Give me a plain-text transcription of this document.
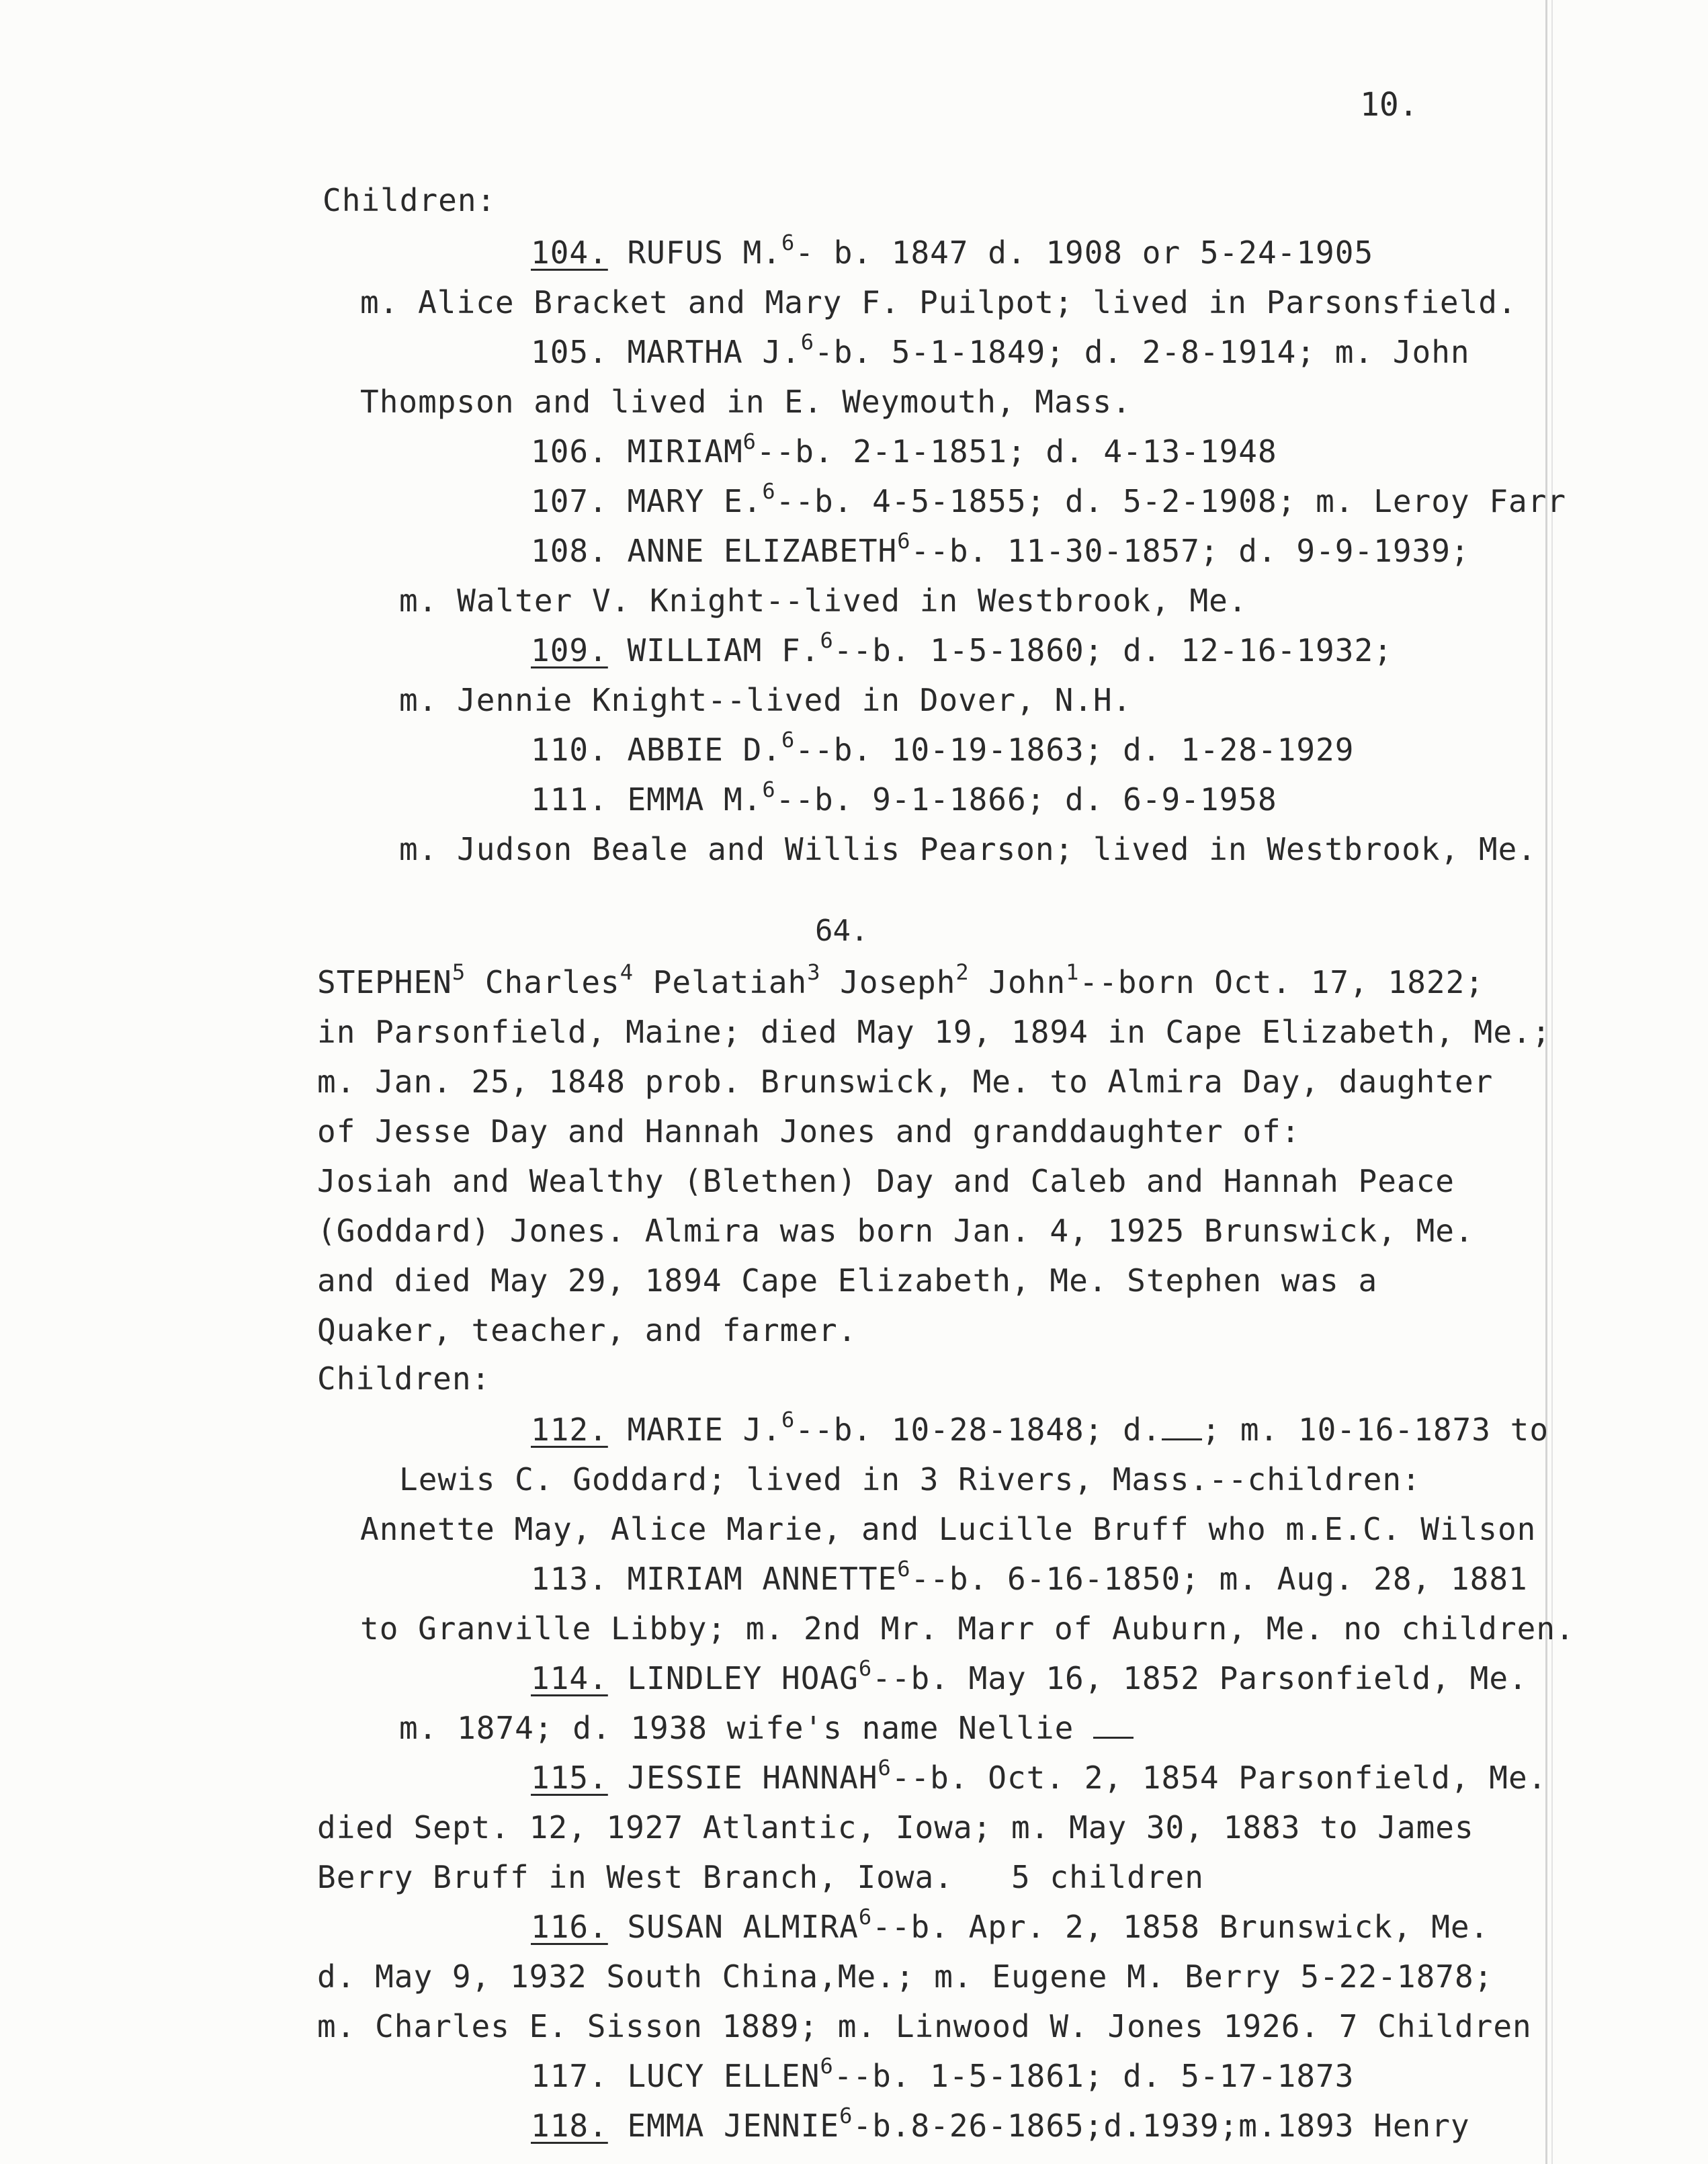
10.
Children:
104. RUFUS M.$^6$- b. 1847 d. 1908 or 5-24-1905
m. Alice Bracket and Mary F. Puilpot; lived in Parsonsfield.
105. MARTHA J.$^6$-b. 5-1-1849; d. 2-8-1914; m. John
Thompson and lived in E. Weymouth, Mass.
106. MIRIAM$^6$--b. 2-1-1851; d. 4-13-1948
107. MARY E.$^6$--b. 4-5-1855; d. 5-2-1908; m. Leroy Farr
108. ANNE ELIZABETH$^6$--b. 11-30-1857; d. 9-9-1939;
m. Walter V. Knight--lived in Westbrook, Me.
109. WILLIAM F.$^6$--b. 1-5-1860; d. 12-16-1932;
m. Jennie Knight--lived in Dover, N.H.
110. ABBIE D.$^6$--b. 10-19-1863; d. 1-28-1929
111. EMMA M.$^6$--b. 9-1-1866; d. 6-9-1958
m. Judson Beale and Willis Pearson; lived in Westbrook, Me.
64.
STEPHEN$^5$ Charles$^4$ Pelatiah$^3$ Joseph$^2$ John$^1$--born Oct. 17, 1822;
in Parsonfield, Maine; died May 19, 1894 in Cape Elizabeth, Me.;
m. Jan. 25, 1848 prob. Brunswick, Me. to Almira Day, daughter
of Jesse Day and Hannah Jones and granddaughter of:
Josiah and Wealthy (Blethen) Day and Caleb and Hannah Peace
(Goddard) Jones. Almira was born Jan. 4, 1925 Brunswick, Me.
and died May 29, 1894 Cape Elizabeth, Me. Stephen was a
Quaker, teacher, and farmer.
Children:
112. MARIE J.$^6$--b. 10-28-1848; d. ; m. 10-16-1873 to
Lewis C. Goddard; lived in 3 Rivers, Mass.--children:
Annette May, Alice Marie, and Lucille Bruff who m.E.C. Wilson
113. MIRIAM ANNETTE$^6$--b. 6-16-1850; m. Aug. 28, 1881
to Granville Libby; m. 2nd Mr. Marr of Auburn, Me. no children.
114. LINDLEY HOAG$^6$--b. May 16, 1852 Parsonfield, Me.
m. 1874; d. 1938 wife's name Nellie
115. JESSIE HANNAH$^6$--b. Oct. 2, 1854 Parsonfield, Me.
died Sept. 12, 1927 Atlantic, Iowa; m. May 30, 1883 to James
Berry Bruff in West Branch, Iowa.   5 children
116. SUSAN ALMIRA$^6$--b. Apr. 2, 1858 Brunswick, Me.
d. May 9, 1932 South China,Me.; m. Eugene M. Berry 5-22-1878;
m. Charles E. Sisson 1889; m. Linwood W. Jones 1926. 7 Children
117. LUCY ELLEN$^6$--b. 1-5-1861; d. 5-17-1873
118. EMMA JENNIE$^6$-b.8-26-1865;d.1939;m.1893 Henry
